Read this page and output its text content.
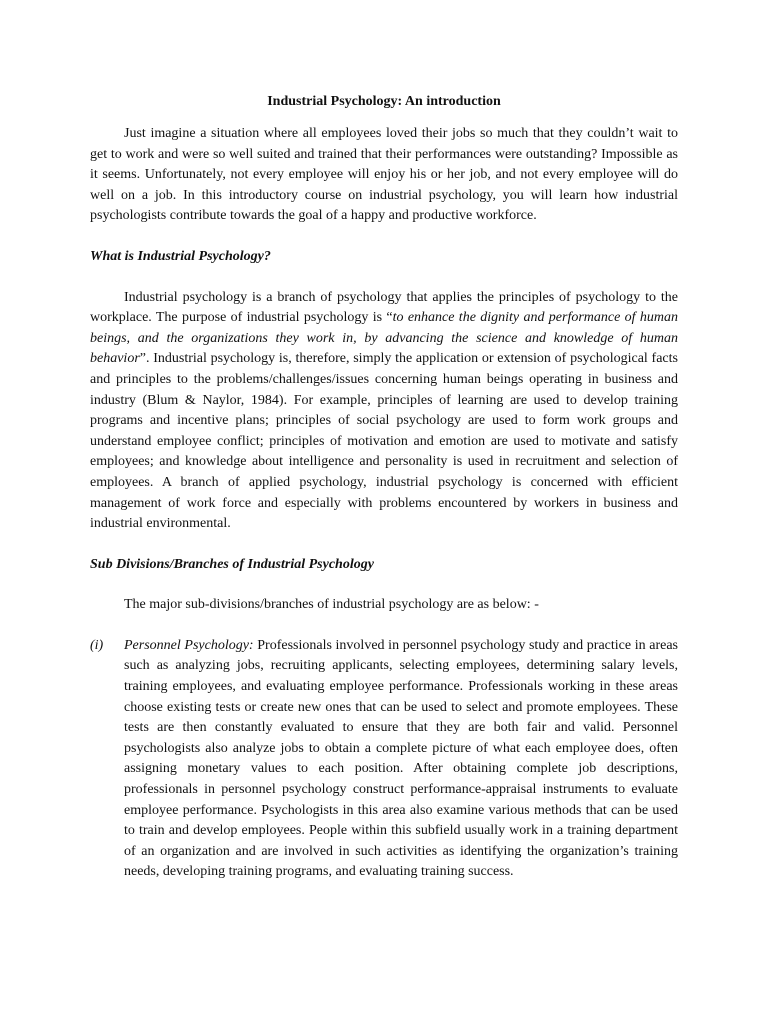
Industrial Psychology: An introduction

Just imagine a situation where all employees loved their jobs so much that they couldn’t wait to get to work and were so well suited and trained that their performances were outstanding? Impossible as it seems. Unfortunately, not every employee will enjoy his or her job, and not every employee will do well on a job. In this introductory course on industrial psychology, you will learn how industrial psychologists contribute towards the goal of a happy and productive workforce.

What is Industrial Psychology?

Industrial psychology is a branch of psychology that applies the principles of psychology to the workplace. The purpose of industrial psychology is “to enhance the dignity and performance of human beings, and the organizations they work in, by advancing the science and knowledge of human behavior”. Industrial psychology is, therefore, simply the application or extension of psychological facts and principles to the problems/challenges/issues concerning human beings operating in business and industry (Blum & Naylor, 1984). For example, principles of learning are used to develop training programs and incentive plans; principles of social psychology are used to form work groups and understand employee conflict; principles of motivation and emotion are used to motivate and satisfy employees; and knowledge about intelligence and personality is used in recruitment and selection of employees. A branch of applied psychology, industrial psychology is concerned with efficient management of work force and especially with problems encountered by workers in business and industrial environmental.

Sub Divisions/Branches of Industrial Psychology

The major sub-divisions/branches of industrial psychology are as below: -

(i)	Personnel Psychology: Professionals involved in personnel psychology study and practice in areas such as analyzing jobs, recruiting applicants, selecting employees, determining salary levels, training employees, and evaluating employee performance. Professionals working in these areas choose existing tests or create new ones that can be used to select and promote employees. These tests are then constantly evaluated to ensure that they are both fair and valid. Personnel psychologists also analyze jobs to obtain a complete picture of what each employee does, often assigning monetary values to each position. After obtaining complete job descriptions, professionals in personnel psychology construct performance-appraisal instruments to evaluate employee performance. Psychologists in this area also examine various methods that can be used to train and develop employees. People within this subfield usually work in a training department of an organization and are involved in such activities as identifying the organization’s training needs, developing training programs, and evaluating training success.
